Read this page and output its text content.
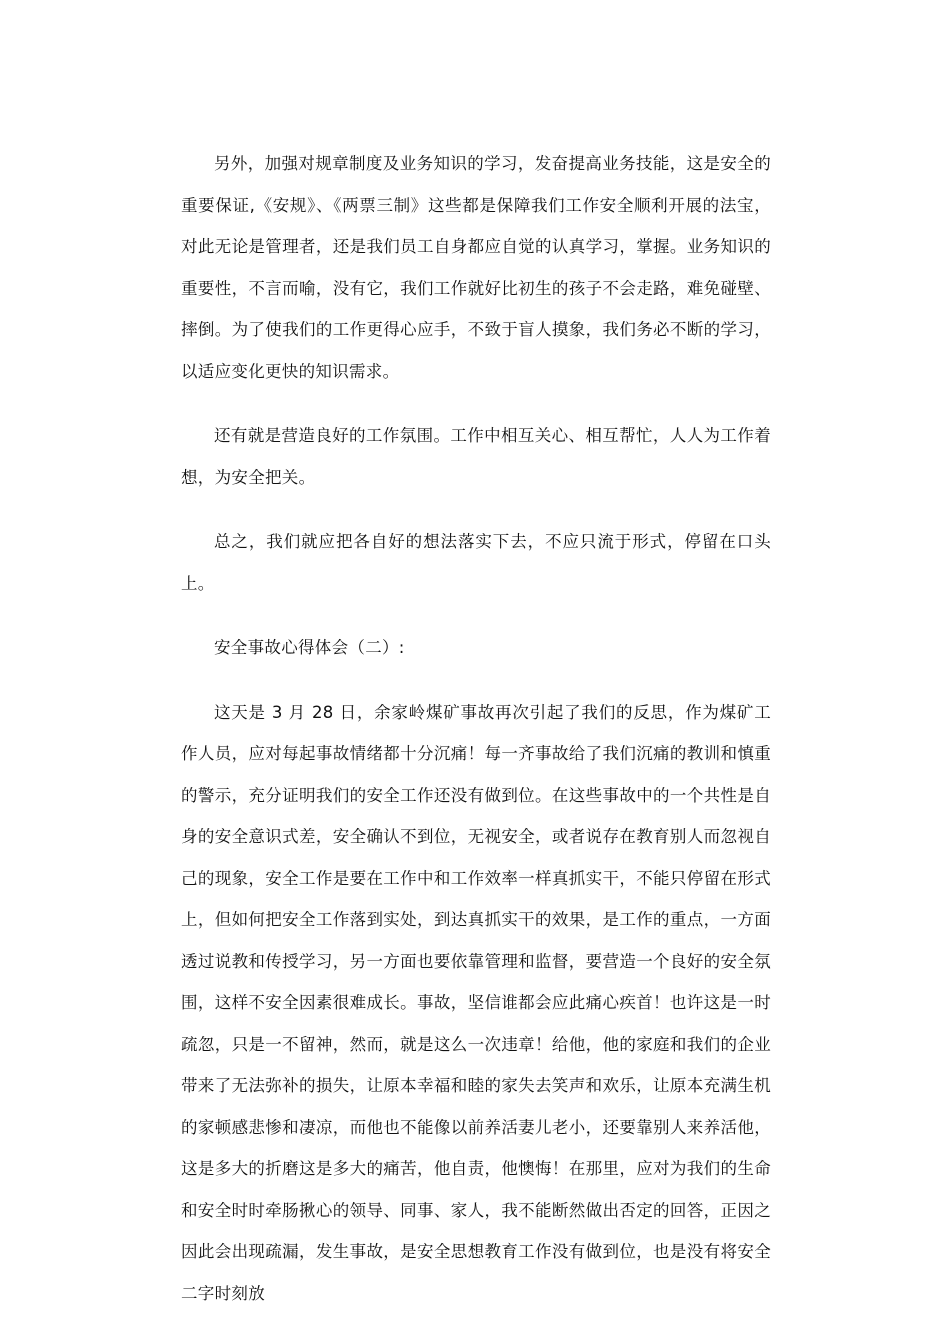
另外，加强对规章制度及业务知识的学习，发奋提高业务技能，这是安全的重要保证,《安规》、《两票三制》这些都是保障我们工作安全顺利开展的法宝，对此无论是管理者，还是我们员工自身都应自觉的认真学习，掌握。业务知识的重要性，不言而喻，没有它，我们工作就好比初生的孩子不会走路，难免碰壁、摔倒。为了使我们的工作更得心应手，不致于盲人摸象，我们务必不断的学习，以适应变化更快的知识需求。

还有就是营造良好的工作氛围。工作中相互关心、相互帮忙，人人为工作着想，为安全把关。

总之，我们就应把各自好的想法落实下去，不应只流于形式，停留在口头上。

安全事故心得体会（二）:

这天是 3 月 28 日，余家岭煤矿事故再次引起了我们的反思，作为煤矿工作人员，应对每起事故情绪都十分沉痛！每一齐事故给了我们沉痛的教训和慎重的警示，充分证明我们的安全工作还没有做到位。在这些事故中的一个共性是自身的安全意识式差，安全确认不到位，无视安全，或者说存在教育别人而忽视自己的现象，安全工作是要在工作中和工作效率一样真抓实干，不能只停留在形式上，但如何把安全工作落到实处，到达真抓实干的效果，是工作的重点，一方面透过说教和传授学习，另一方面也要依靠管理和监督，要营造一个良好的安全氛围，这样不安全因素很难成长。事故，坚信谁都会应此痛心疾首！也许这是一时疏忽，只是一不留神，然而，就是这么一次违章！给他，他的家庭和我们的企业带来了无法弥补的损失，让原本幸福和睦的家失去笑声和欢乐，让原本充满生机的家顿感悲惨和凄凉，而他也不能像以前养活妻儿老小，还要靠别人来养活他，这是多大的折磨这是多大的痛苦，他自责，他懊悔！在那里，应对为我们的生命和安全时时牵肠揪心的领导、同事、家人，我不能断然做出否定的回答，正因之因此会出现疏漏，发生事故，是安全思想教育工作没有做到位，也是没有将安全二字时刻放
